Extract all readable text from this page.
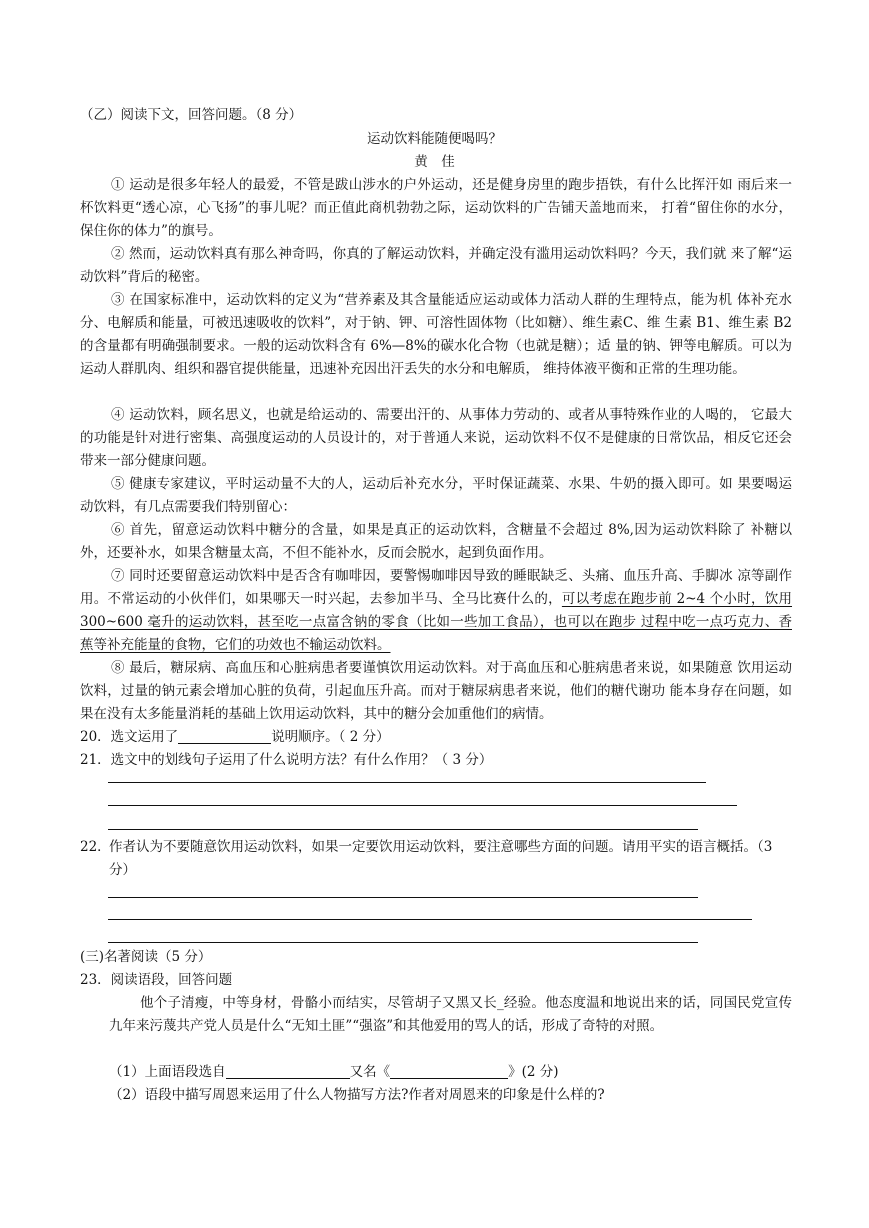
（乙）阅读下文，回答问题。（8 分）
运动饮料能随便喝吗？
黄　佳
① 运动是很多年轻人的最爱，不管是跋山涉水的户外运动，还是健身房里的跑步捂铁，有什么比挥汗如 雨后来一杯饮料更“透心凉，心飞扬”的事儿呢？而正值此商机勃勃之际，运动饮料的广告铺天盖地而来， 打着“留住你的水分，保住你的体力”的旗号。
② 然而，运动饮料真有那么神奇吗，你真的了解运动饮料，并确定没有滥用运动饮料吗？今天，我们就 来了解“运动饮料”背后的秘密。
③ 在国家标准中，运动饮料的定义为“营养素及其含量能适应运动或体力活动人群的生理特点，能为机 体补充水分、电解质和能量，可被迅速吸收的饮料”，对于钠、钾、可溶性固体物（比如糖）、维生素C、维 生素 B1、维生素 B2 的含量都有明确强制要求。一般的运动饮料含有 6%—8%的碳水化合物（也就是糖）；适 量的钠、钾等电解质。可以为运动人群肌肉、组织和器官提供能量，迅速补充因出汗丢失的水分和电解质， 维持体液平衡和正常的生理功能。
④ 运动饮料，顾名思义，也就是给运动的、需要出汗的、从事体力劳动的、或者从事特殊作业的人喝的， 它最大的功能是针对进行密集、高强度运动的人员设计的，对于普通人来说，运动饮料不仅不是健康的日常饮品，相反它还会带来一部分健康问题。
⑤ 健康专家建议，平时运动量不大的人，运动后补充水分，平时保证蔬菜、水果、牛奶的摄入即可。如 果要喝运动饮料，有几点需要我们特别留心：
⑥ 首先，留意运动饮料中糖分的含量，如果是真正的运动饮料，含糖量不会超过 8%,因为运动饮料除了 补糖以外，还要补水，如果含糖量太高，不但不能补水，反而会脱水，起到负面作用。
⑦ 同时还要留意运动饮料中是否含有咖啡因，要警惕咖啡因导致的睡眠缺乏、头痛、血压升高、手脚冰 凉等副作用。不常运动的小伙伴们，如果哪天一时兴起，去参加半马、全马比赛什么的，可以考虑在跑步前 2~4 个小时，饮用 300~600 毫升的运动饮料，甚至吃一点富含钠的零食（比如一些加工食品），也可以在跑步 过程中吃一点巧克力、香蕉等补充能量的食物，它们的功效也不输运动饮料。
⑧ 最后，糖尿病、高血压和心脏病患者要谨慎饮用运动饮料。对于高血压和心脏病患者来说，如果随意 饮用运动饮料，过量的钠元素会增加心脏的负荷，引起血压升高。而对于糖尿病患者来说，他们的糖代谢功 能本身存在问题，如果在没有太多能量消耗的基础上饮用运动饮料，其中的糖分会加重他们的病情。
20．选文运用了	说明顺序。（ 2 分）
21．选文中的划线句子运用了什么说明方法？有什么作用？（ 3 分）
22．
作者认为不要随意饮用运动饮料，如果一定要饮用运动饮料，要注意哪些方面的问题。请用平实的语言概括。（3 分）
(三)名著阅读（5 分）
23．阅读语段，回答问题
他个子清瘦，中等身材，骨骼小而结实，尽管胡子又黑又长_经验。他态度温和地说出来的话，同国民党宣传九年来污蔑共产党人员是什么“无知土匪”“强盗”和其他爱用的骂人的话，形成了奇特的对照。
（1）上面语段选自	又名《	》(2 分)
（2）语段中描写周恩来运用了什么人物描写方法?作者对周恩来的印象是什么样的?
